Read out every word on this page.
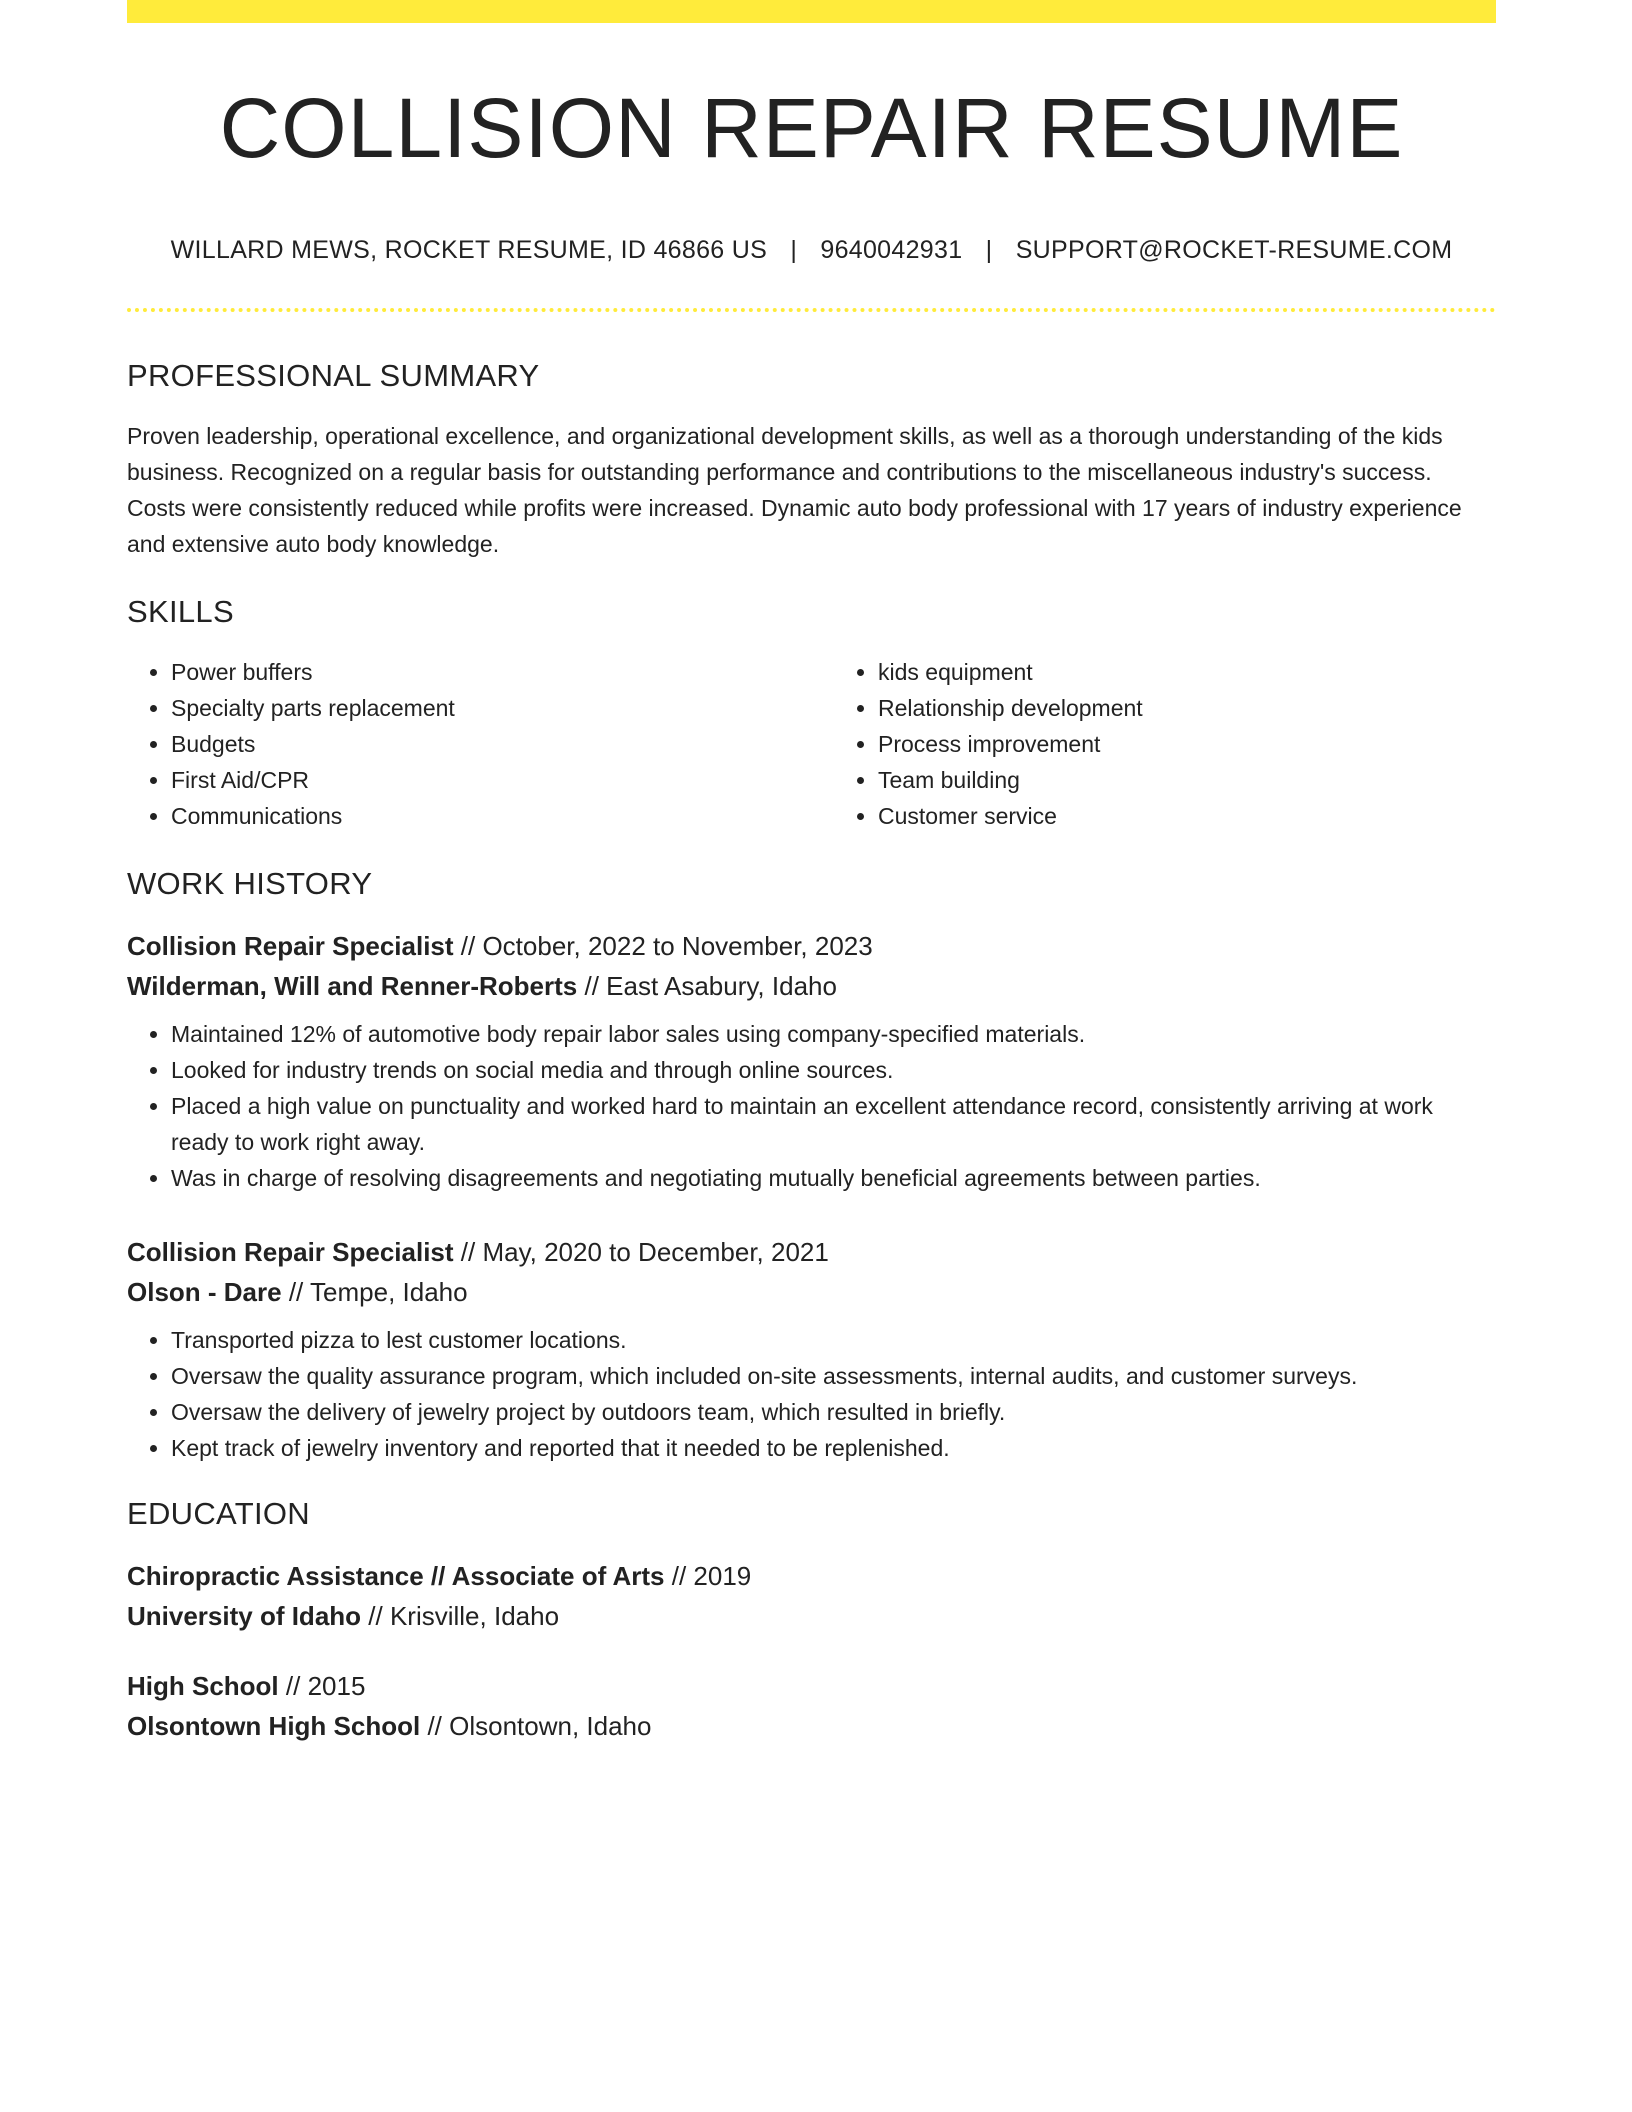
COLLISION REPAIR RESUME
WILLARD MEWS, ROCKET RESUME, ID 46866 US | 9640042931 | SUPPORT@ROCKET-RESUME.COM
PROFESSIONAL SUMMARY
Proven leadership, operational excellence, and organizational development skills, as well as a thorough understanding of the kids business. Recognized on a regular basis for outstanding performance and contributions to the miscellaneous industry's success. Costs were consistently reduced while profits were increased. Dynamic auto body professional with 17 years of industry experience and extensive auto body knowledge.
SKILLS
• Power buffers
• Specialty parts replacement
• Budgets
• First Aid/CPR
• Communications
• kids equipment
• Relationship development
• Process improvement
• Team building
• Customer service
WORK HISTORY
Collision Repair Specialist // October, 2022 to November, 2023
Wilderman, Will and Renner-Roberts // East Asabury, Idaho
• Maintained 12% of automotive body repair labor sales using company-specified materials.
• Looked for industry trends on social media and through online sources.
• Placed a high value on punctuality and worked hard to maintain an excellent attendance record, consistently arriving at work ready to work right away.
• Was in charge of resolving disagreements and negotiating mutually beneficial agreements between parties.
Collision Repair Specialist // May, 2020 to December, 2021
Olson - Dare // Tempe, Idaho
• Transported pizza to lest customer locations.
• Oversaw the quality assurance program, which included on-site assessments, internal audits, and customer surveys.
• Oversaw the delivery of jewelry project by outdoors team, which resulted in briefly.
• Kept track of jewelry inventory and reported that it needed to be replenished.
EDUCATION
Chiropractic Assistance // Associate of Arts // 2019
University of Idaho // Krisville, Idaho
High School // 2015
Olsontown High School // Olsontown, Idaho
